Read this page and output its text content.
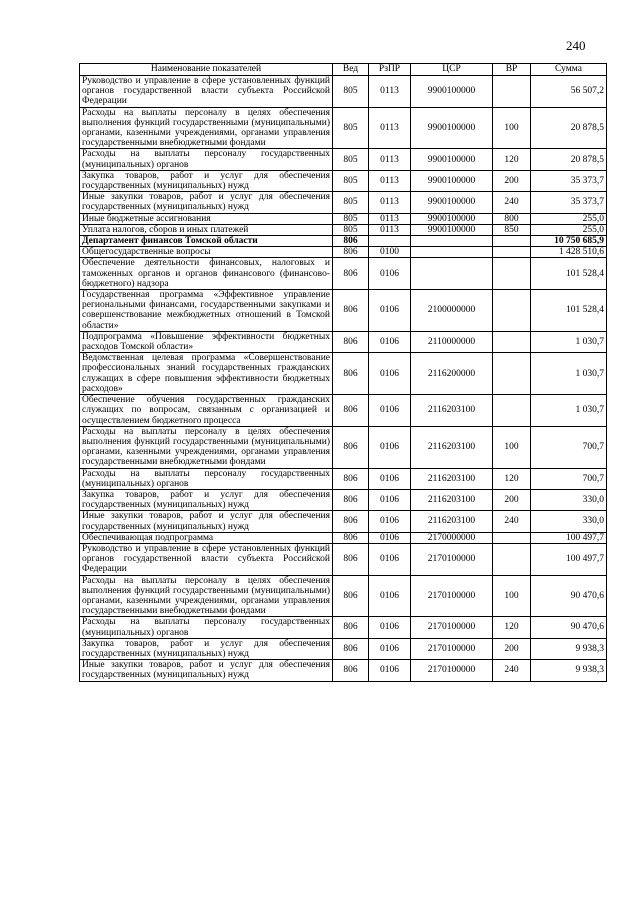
240
Наименование показателей	Вед	РзПР	ЦСР	ВР	Сумма
Руководство и управление в сфере установленных функций органов государственной власти субъекта Российской Федерации	805	0113	9900100000		56 507,2
Расходы на выплаты персоналу в целях обеспечения выполнения функций государственными (муниципальными) органами, казенными учреждениями, органами управления государственными внебюджетными фондами	805	0113	9900100000	100	20 878,5
Расходы на выплаты персоналу государственных (муниципальных) органов	805	0113	9900100000	120	20 878,5
Закупка товаров, работ и услуг для обеспечения государственных (муниципальных) нужд	805	0113	9900100000	200	35 373,7
Иные закупки товаров, работ и услуг для обеспечения государственных (муниципальных) нужд	805	0113	9900100000	240	35 373,7
Иные бюджетные ассигнования	805	0113	9900100000	800	255,0
Уплата налогов, сборов и иных платежей	805	0113	9900100000	850	255,0
Департамент финансов Томской области	806				10 750 685,9
Общегосударственные вопросы	806	0100			1 428 510,6
Обеспечение деятельности финансовых, налоговых и таможенных органов и органов финансового (финансово-бюджетного) надзора	806	0106			101 528,4
Государственная программа «Эффективное управление региональными финансами, государственными закупками и совершенствование межбюджетных отношений в Томской области»	806	0106	2100000000		101 528,4
Подпрограмма «Повышение эффективности бюджетных расходов Томской области»	806	0106	2110000000		1 030,7
Ведомственная целевая программа «Совершенствование профессиональных знаний государственных гражданских служащих в сфере повышения эффективности бюджетных расходов»	806	0106	2116200000		1 030,7
Обеспечение обучения государственных гражданских служащих по вопросам, связанным с организацией и осуществлением бюджетного процесса	806	0106	2116203100		1 030,7
Расходы на выплаты персоналу в целях обеспечения выполнения функций государственными (муниципальными) органами, казенными учреждениями, органами управления государственными внебюджетными фондами	806	0106	2116203100	100	700,7
Расходы на выплаты персоналу государственных (муниципальных) органов	806	0106	2116203100	120	700,7
Закупка товаров, работ и услуг для обеспечения государственных (муниципальных) нужд	806	0106	2116203100	200	330,0
Иные закупки товаров, работ и услуг для обеспечения государственных (муниципальных) нужд	806	0106	2116203100	240	330,0
Обеспечивающая подпрограмма	806	0106	2170000000		100 497,7
Руководство и управление в сфере установленных функций органов государственной власти субъекта Российской Федерации	806	0106	2170100000		100 497,7
Расходы на выплаты персоналу в целях обеспечения выполнения функций государственными (муниципальными) органами, казенными учреждениями, органами управления государственными внебюджетными фондами	806	0106	2170100000	100	90 470,6
Расходы на выплаты персоналу государственных (муниципальных) органов	806	0106	2170100000	120	90 470,6
Закупка товаров, работ и услуг для обеспечения государственных (муниципальных) нужд	806	0106	2170100000	200	9 938,3
Иные закупки товаров, работ и услуг для обеспечения государственных (муниципальных) нужд	806	0106	2170100000	240	9 938,3
